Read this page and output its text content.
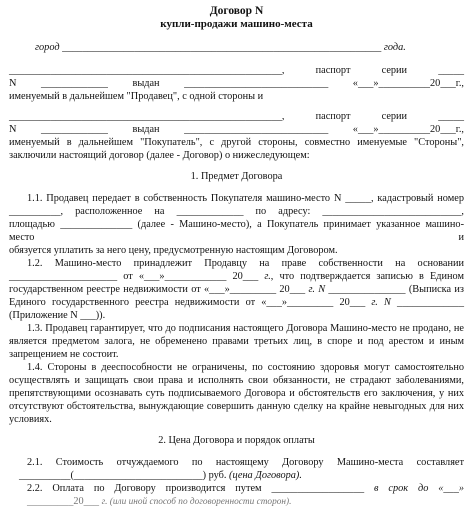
Договор N

купли-продажи машино-места

город ______________________________________________________________ года.

_____________________________________________________, паспорт серии _____

N _____________ выдан ____________________________ «___»__________20___г.,

именуемый в дальнейшем "Продавец", с одной стороны и

_____________________________________________________, паспорт серии _____

N _____________ выдан ____________________________ «___»__________20___г.,

именуемый в дальнейшем "Покупатель", с другой стороны, совместно именуемые "Стороны",

заключили настоящий договор (далее - Договор) о нижеследующем:

1. Предмет Договора

1.1. Продавец передает в собственность Покупателя машино-место N _____, кадастровый номер

__________, расположенное на _____________ по адресу: ___________________________,

площадью ______________ (далее - Машино-место), а Покупатель принимает указанное машино-место и

обязуется уплатить за него цену, предусмотренную настоящим Договором.

1.2. Машино-место принадлежит Продавцу на праве собственности на основании

_____________________ от «___»____________ 20___ г., что подтверждается записью в Едином

государственном реестре недвижимости от «___»_________ 20___ г. N _______________ (Выписка из

Единого государственного реестра недвижимости от «___»_________ 20___ г. N _____________

(Приложение N ___)).

1.3. Продавец гарантирует, что до подписания настоящего Договора Машино-место не продано, не

является предметом залога, не обременено правами третьих лиц, в споре и под арестом и иным

запрещением не состоит.

1.4. Стороны в дееспособности не ограничены, по состоянию здоровья могут самостоятельно

осуществлять и защищать свои права и исполнять свои обязанности, не страдают заболеваниями,

препятствующими осознавать суть подписываемого Договора и обстоятельств его заключения, у них

отсутствуют обстоятельства, вынуждающие совершить данную сделку на крайне невыгодных для них

условиях.

2. Цена Договора и порядок оплаты

2.1. Стоимость отчуждаемого по настоящему Договору Машино-места составляет

__________(_________________________) руб. (цена Договора).

2.2. Оплата по Договору производится путем __________________ в срок до «___»

_________20___ г. (или иной способ по договоренности сторон).
